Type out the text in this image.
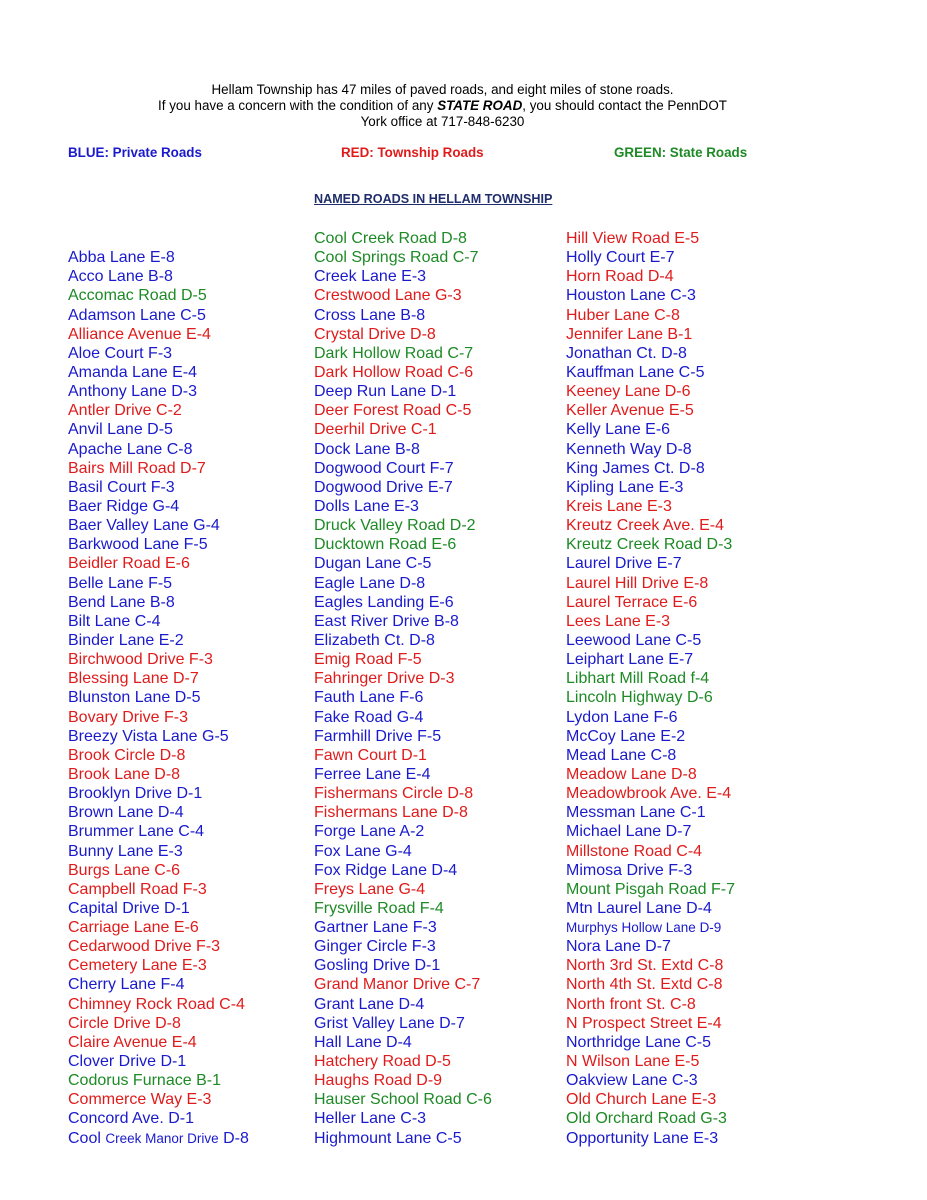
Hellam Township has 47 miles of paved roads, and eight miles of stone roads.
If you have a concern with the condition of any STATE ROAD, you should contact the PennDOT
York office at 717-848-6230
BLUE: Private Roads	RED: Township Roads	GREEN: State Roads
NAMED ROADS IN HELLAM TOWNSHIP
Abba Lane E-8
Acco Lane B-8
Accomac Road D-5
Adamson Lane C-5
Alliance Avenue E-4
Aloe Court F-3
Amanda Lane E-4
Anthony Lane D-3
Antler Drive C-2
Anvil Lane D-5
Apache Lane C-8
Bairs Mill Road D-7
Basil Court F-3
Baer Ridge G-4
Baer Valley Lane G-4
Barkwood Lane F-5
Beidler Road E-6
Belle Lane F-5
Bend Lane B-8
Bilt Lane C-4
Binder Lane E-2
Birchwood Drive F-3
Blessing Lane D-7
Blunston Lane D-5
Bovary Drive F-3
Breezy Vista Lane G-5
Brook Circle D-8
Brook Lane D-8
Brooklyn Drive D-1
Brown Lane D-4
Brummer Lane C-4
Bunny Lane E-3
Burgs Lane C-6
Campbell Road F-3
Capital Drive D-1
Carriage Lane E-6
Cedarwood Drive F-3
Cemetery Lane E-3
Cherry Lane F-4
Chimney Rock Road C-4
Circle Drive D-8
Claire Avenue E-4
Clover Drive D-1
Codorus Furnace B-1
Commerce Way E-3
Concord Ave. D-1
Cool Creek Manor Drive D-8
Cool Creek Road D-8
Cool Springs Road C-7
Creek Lane E-3
Crestwood Lane G-3
Cross Lane B-8
Crystal Drive D-8
Dark Hollow Road C-7
Dark Hollow Road C-6
Deep Run Lane D-1
Deer Forest Road C-5
Deerhil Drive C-1
Dock Lane B-8
Dogwood Court F-7
Dogwood Drive E-7
Dolls Lane E-3
Druck Valley Road D-2
Ducktown Road E-6
Dugan Lane C-5
Eagle Lane D-8
Eagles Landing E-6
East River Drive B-8
Elizabeth Ct. D-8
Emig Road F-5
Fahringer Drive D-3
Fauth Lane F-6
Fake Road G-4
Farmhill Drive F-5
Fawn Court D-1
Ferree Lane E-4
Fishermans Circle D-8
Fishermans Lane D-8
Forge Lane A-2
Fox Lane G-4
Fox Ridge Lane D-4
Freys Lane G-4
Frysville Road F-4
Gartner Lane F-3
Ginger Circle F-3
Gosling Drive D-1
Grand Manor Drive C-7
Grant Lane D-4
Grist Valley Lane D-7
Hall Lane D-4
Hatchery Road D-5
Haughs Road D-9
Hauser School Road C-6
Heller Lane C-3
Highmount Lane C-5
Hill View Road E-5
Holly Court E-7
Horn Road D-4
Houston Lane C-3
Huber Lane C-8
Jennifer Lane B-1
Jonathan Ct. D-8
Kauffman Lane C-5
Keeney Lane D-6
Keller Avenue E-5
Kelly Lane E-6
Kenneth Way D-8
King James Ct. D-8
Kipling Lane E-3
Kreis Lane E-3
Kreutz Creek Ave. E-4
Kreutz Creek Road D-3
Laurel Drive E-7
Laurel Hill Drive E-8
Laurel Terrace E-6
Lees Lane E-3
Leewood Lane C-5
Leiphart Lane E-7
Libhart Mill Road f-4
Lincoln Highway D-6
Lydon Lane F-6
McCoy Lane E-2
Mead Lane C-8
Meadow Lane D-8
Meadowbrook Ave. E-4
Messman Lane C-1
Michael Lane D-7
Millstone Road C-4
Mimosa Drive F-3
Mount Pisgah Road F-7
Mtn Laurel Lane D-4
Murphys Hollow Lane D-9
Nora Lane D-7
North 3rd St. Extd C-8
North 4th St. Extd C-8
North front St. C-8
N Prospect Street E-4
Northridge Lane C-5
N Wilson Lane E-5
Oakview Lane C-3
Old Church Lane E-3
Old Orchard Road G-3
Opportunity Lane E-3
